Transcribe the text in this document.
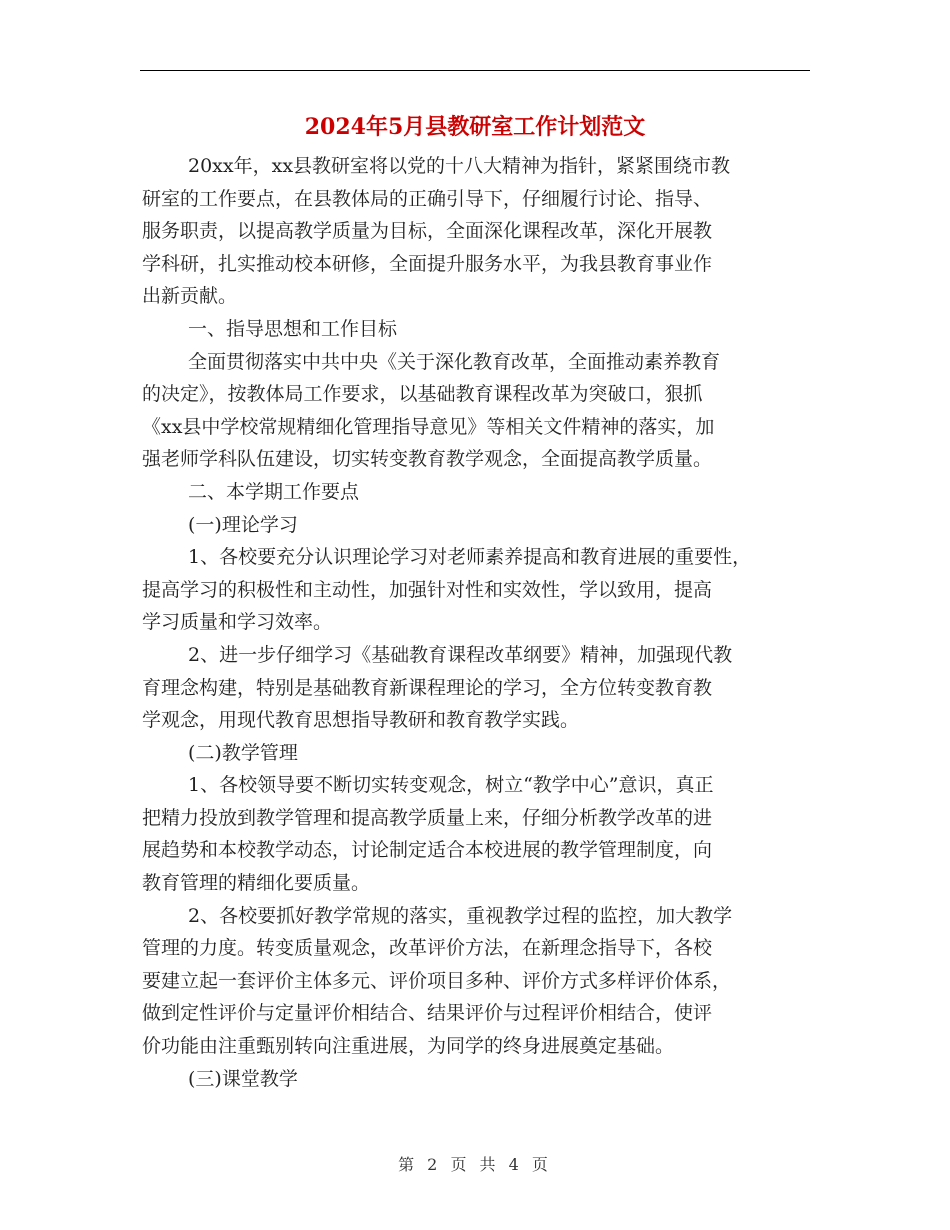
2024年5月县教研室工作计划范文

20xx年，xx县教研室将以党的十八大精神为指针，紧紧围绕市教
研室的工作要点，在县教体局的正确引导下，仔细履行讨论、指导、
服务职责，以提高教学质量为目标，全面深化课程改革，深化开展教
学科研，扎实推动校本研修，全面提升服务水平，为我县教育事业作
出新贡献。

一、指导思想和工作目标

全面贯彻落实中共中央《关于深化教育改革，全面推动素养教育
的决定》，按教体局工作要求，以基础教育课程改革为突破口，狠抓
《xx县中学校常规精细化管理指导意见》等相关文件精神的落实，加
强老师学科队伍建设，切实转变教育教学观念，全面提高教学质量。

二、本学期工作要点

(一)理论学习

1、各校要充分认识理论学习对老师素养提高和教育进展的重要性，
提高学习的积极性和主动性，加强针对性和实效性，学以致用，提高
学习质量和学习效率。

2、进一步仔细学习《基础教育课程改革纲要》精神，加强现代教
育理念构建，特别是基础教育新课程理论的学习，全方位转变教育教
学观念，用现代教育思想指导教研和教育教学实践。

(二)教学管理

1、各校领导要不断切实转变观念，树立“教学中心”意识，真正
把精力投放到教学管理和提高教学质量上来，仔细分析教学改革的进
展趋势和本校教学动态，讨论制定适合本校进展的教学管理制度，向
教育管理的精细化要质量。

2、各校要抓好教学常规的落实，重视教学过程的监控，加大教学
管理的力度。转变质量观念，改革评价方法，在新理念指导下，各校
要建立起一套评价主体多元、评价项目多种、评价方式多样评价体系，
做到定性评价与定量评价相结合、结果评价与过程评价相结合，使评
价功能由注重甄别转向注重进展，为同学的终身进展奠定基础。

(三)课堂教学

第 2 页 共 4 页
